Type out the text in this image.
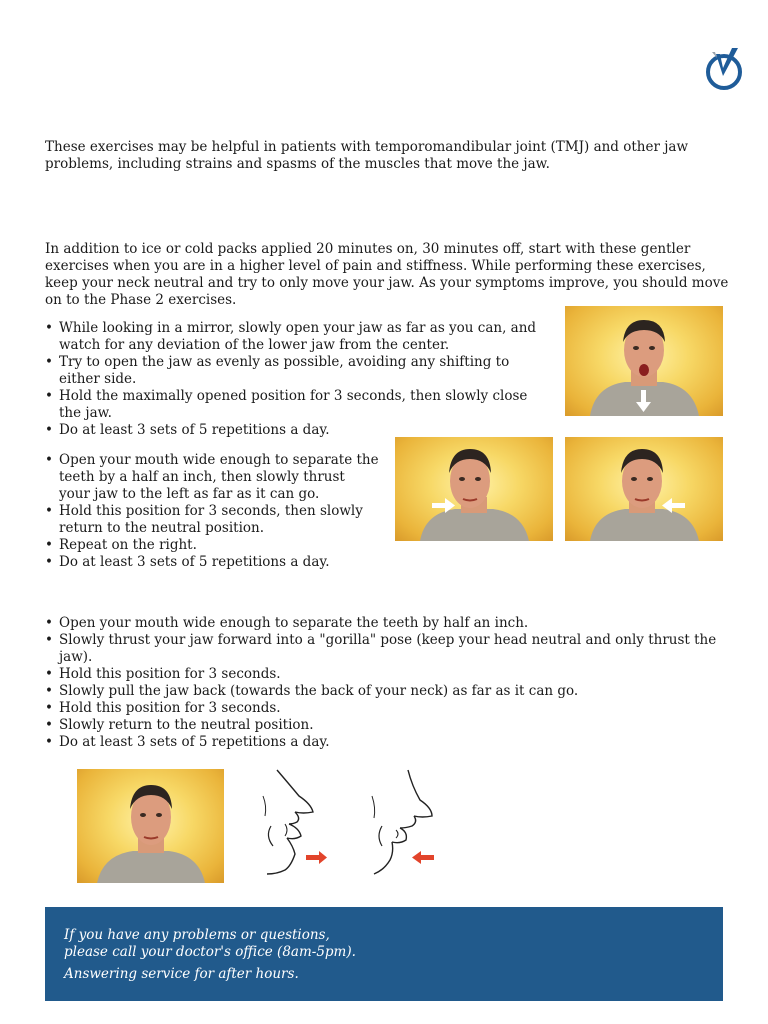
These exercises may be helpful in patients with temporomandibular joint (TMJ) and other jaw problems, including strains and spasms of the muscles that move the jaw.

In addition to ice or cold packs applied 20 minutes on, 30 minutes off, start with these gentler exercises when you are in a higher level of pain and stiffness. While performing these exercises, keep your neck neutral and try to only move your jaw. As your symptoms improve, you should move on to the Phase 2 exercises.

• While looking in a mirror, slowly open your jaw as far as you can, and watch for any deviation of the lower jaw from the center.
• Try to open the jaw as evenly as possible, avoiding any shifting to either side.
• Hold the maximally opened position for 3 seconds, then slowly close the jaw.
• Do at least 3 sets of 5 repetitions a day.
• Open your mouth wide enough to separate the teeth by a half an inch, then slowly thrust your jaw to the left as far as it can go.
• Hold this position for 3 seconds, then slowly return to the neutral position.
• Repeat on the right.
• Do at least 3 sets of 5 repetitions a day.
• Open your mouth wide enough to separate the teeth by half an inch.
• Slowly thrust your jaw forward into a "gorilla" pose (keep your head neutral and only thrust the jaw).
• Hold this position for 3 seconds.
• Slowly pull the jaw back (towards the back of your neck) as far as it can go.
• Hold this position for 3 seconds.
• Slowly return to the neutral position.
• Do at least 3 sets of 5 repetitions a day.
If you have any problems or questions,
please call your doctor's office (8am-5pm).
Answering service for after hours.
